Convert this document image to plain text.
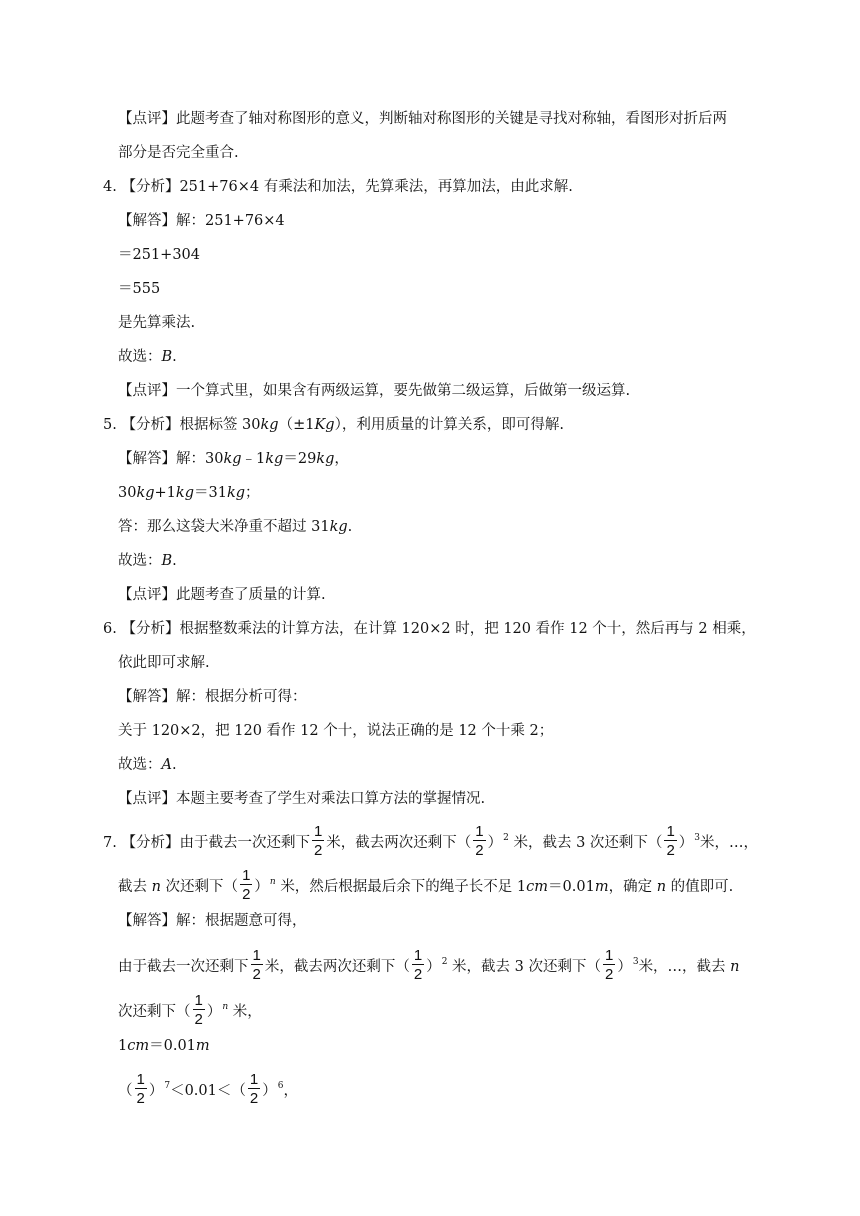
【点评】此题考查了轴对称图形的意义，判断轴对称图形的关键是寻找对称轴，看图形对折后两
部分是否完全重合.
4. 【分析】251+76×4 有乘法和加法，先算乘法，再算加法，由此求解.
【解答】解：251+76×4
＝251+304
＝555
是先算乘法.
故选：B.
【点评】一个算式里，如果含有两级运算，要先做第二级运算，后做第一级运算.
5. 【分析】根据标签 30kg（±1Kg），利用质量的计算关系，即可得解.
【解答】解：30kg﹣1kg＝29kg，
30kg+1kg＝31kg；
答：那么这袋大米净重不超过 31kg.
故选：B.
【点评】此题考查了质量的计算.
6. 【分析】根据整数乘法的计算方法，在计算 120×2 时，把 120 看作 12 个十，然后再与 2 相乘，
依此即可求解.
【解答】解：根据分析可得：
关于 120×2，把 120 看作 12 个十，说法正确的是 12 个十乘 2；
故选：A.
【点评】本题主要考查了学生对乘法口算方法的掌握情况.
7. 【分析】由于截去一次还剩下 $\frac{1}{2}$ 米，截去两次还剩下（ $\frac{1}{2} )^2$ 米，截去 3 次还剩下（ $\frac{1}{2} )^3$米，…，
截去 n 次还剩下（ $\frac{1}{2} )^n$ 米，然后根据最后余下的绳子长不足 1cm＝0.01m，确定 n 的值即可.
【解答】解：根据题意可得，
由于截去一次还剩下 $\frac{1}{2}$ 米，截去两次还剩下（ $\frac{1}{2} )^2$ 米，截去 3 次还剩下（ $\frac{1}{2} )^3$米，…，截去 n
次还剩下（ $\frac{1}{2} )^n$ 米，
1cm＝0.01m
（ $\frac{1}{2} )^7<0.01<( \frac{1}{2} )^6$，
